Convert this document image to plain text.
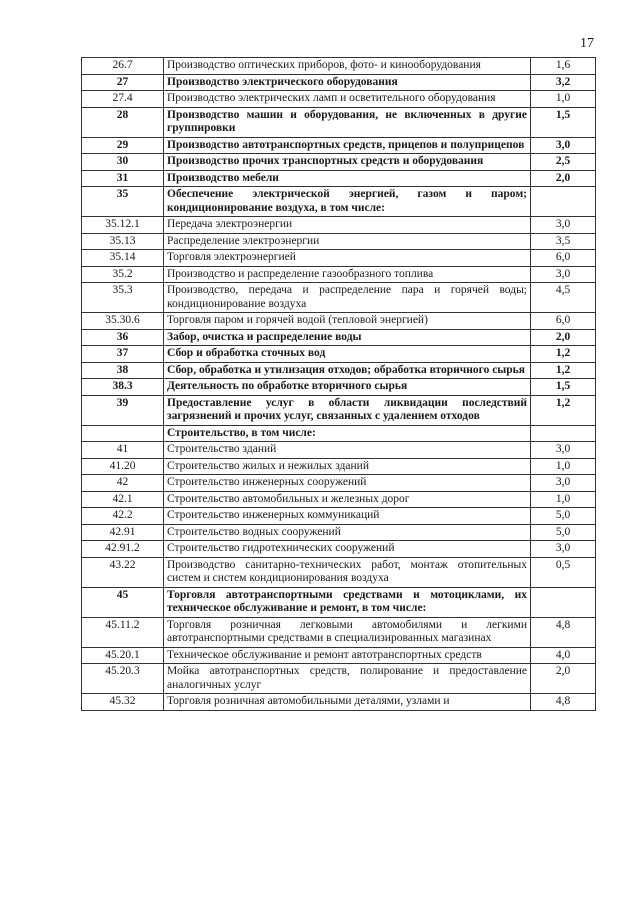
17
26.7	Производство оптических приборов, фото- и кинооборудования	1,6
27	Производство электрического оборудования	3,2
27.4	Производство электрических ламп и осветительного оборудования	1,0
28	Производство машин и оборудования, не включенных в другие группировки	1,5
29	Производство автотранспортных средств, прицепов и полуприцепов	3,0
30	Производство прочих транспортных средств и оборудования	2,5
31	Производство мебели	2,0
35	Обеспечение электрической энергией, газом и паром; кондиционирование воздуха, в том числе:	
35.12.1	Передача электроэнергии	3,0
35.13	Распределение электроэнергии	3,5
35.14	Торговля электроэнергией	6,0
35.2	Производство и распределение газообразного топлива	3,0
35.3	Производство, передача и распределение пара и горячей воды; кондиционирование воздуха	4,5
35.30.6	Торговля паром и горячей водой (тепловой энергией)	6,0
36	Забор, очистка и распределение воды	2,0
37	Сбор и обработка сточных вод	1,2
38	Сбор, обработка и утилизация отходов; обработка вторичного сырья	1,2
38.3	Деятельность по обработке вторичного сырья	1,5
39	Предоставление услуг в области ликвидации последствий загрязнений и прочих услуг, связанных с удалением отходов	1,2
	Строительство, в том числе:	
41	Строительство зданий	3,0
41.20	Строительство жилых и нежилых зданий	1,0
42	Строительство инженерных сооружений	3,0
42.1	Строительство автомобильных и железных дорог	1,0
42.2	Строительство инженерных коммуникаций	5,0
42.91	Строительство водных сооружений	5,0
42.91.2	Строительство гидротехнических сооружений	3,0
43.22	Производство санитарно-технических работ, монтаж отопительных систем и систем кондиционирования воздуха	0,5
45	Торговля автотранспортными средствами и мотоциклами, их техническое обслуживание и ремонт, в том числе:	
45.11.2	Торговля розничная легковыми автомобилями и легкими автотранспортными средствами в специализированных магазинах	4,8
45.20.1	Техническое обслуживание и ремонт автотранспортных средств	4,0
45.20.3	Мойка автотранспортных средств, полирование и предоставление аналогичных услуг	2,0
45.32	Торговля розничная автомобильными деталями, узлами и	4,8
